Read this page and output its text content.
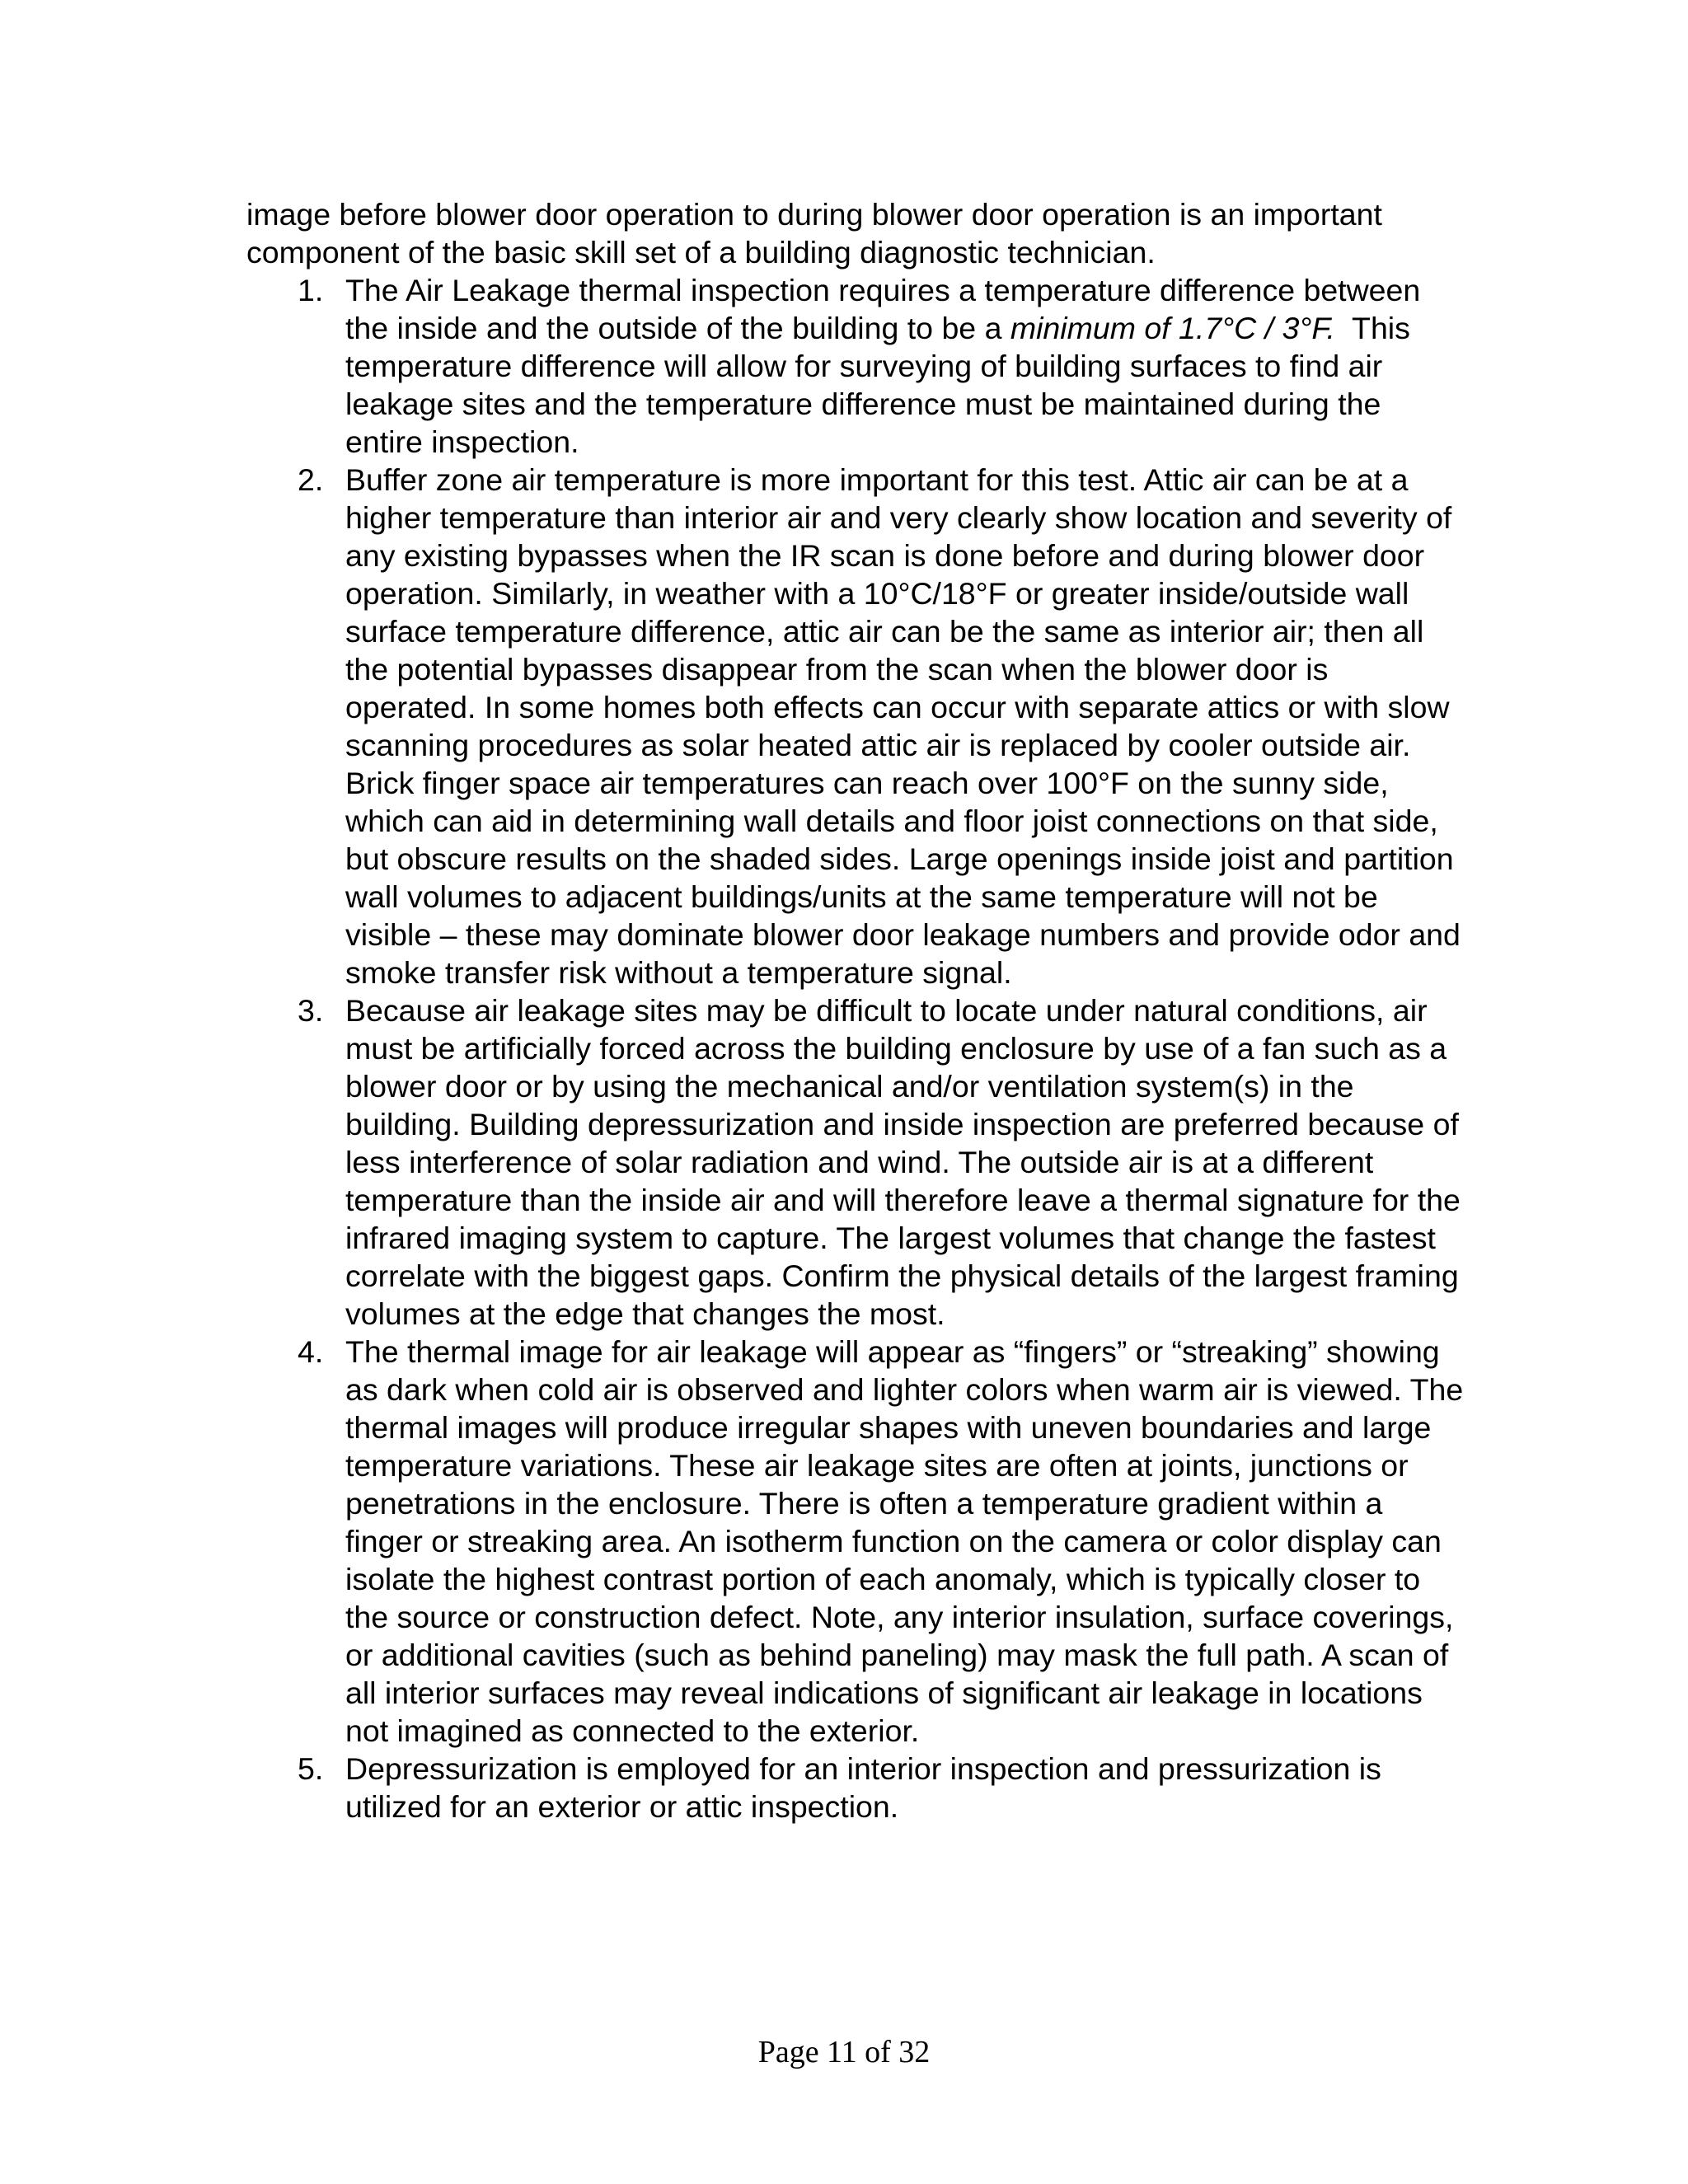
image before blower door operation to during blower door operation is an important component of the basic skill set of a building diagnostic technician.

1. The Air Leakage thermal inspection requires a temperature difference between the inside and the outside of the building to be a minimum of 1.7°C / 3°F.  This temperature difference will allow for surveying of building surfaces to find air leakage sites and the temperature difference must be maintained during the entire inspection.
2. Buffer zone air temperature is more important for this test. Attic air can be at a higher temperature than interior air and very clearly show location and severity of any existing bypasses when the IR scan is done before and during blower door operation. Similarly, in weather with a 10°C/18°F or greater inside/outside wall surface temperature difference, attic air can be the same as interior air; then all the potential bypasses disappear from the scan when the blower door is operated. In some homes both effects can occur with separate attics or with slow scanning procedures as solar heated attic air is replaced by cooler outside air. Brick finger space air temperatures can reach over 100°F on the sunny side, which can aid in determining wall details and floor joist connections on that side, but obscure results on the shaded sides. Large openings inside joist and partition wall volumes to adjacent buildings/units at the same temperature will not be visible – these may dominate blower door leakage numbers and provide odor and smoke transfer risk without a temperature signal.
3. Because air leakage sites may be difficult to locate under natural conditions, air must be artificially forced across the building enclosure by use of a fan such as a blower door or by using the mechanical and/or ventilation system(s) in the building. Building depressurization and inside inspection are preferred because of less interference of solar radiation and wind. The outside air is at a different temperature than the inside air and will therefore leave a thermal signature for the infrared imaging system to capture. The largest volumes that change the fastest correlate with the biggest gaps. Confirm the physical details of the largest framing volumes at the edge that changes the most.
4. The thermal image for air leakage will appear as “fingers” or “streaking” showing as dark when cold air is observed and lighter colors when warm air is viewed. The thermal images will produce irregular shapes with uneven boundaries and large temperature variations. These air leakage sites are often at joints, junctions or penetrations in the enclosure. There is often a temperature gradient within a finger or streaking area. An isotherm function on the camera or color display can isolate the highest contrast portion of each anomaly, which is typically closer to the source or construction defect. Note, any interior insulation, surface coverings, or additional cavities (such as behind paneling) may mask the full path. A scan of all interior surfaces may reveal indications of significant air leakage in locations not imagined as connected to the exterior.
5. Depressurization is employed for an interior inspection and pressurization is utilized for an exterior or attic inspection.
Page 11 of 32
